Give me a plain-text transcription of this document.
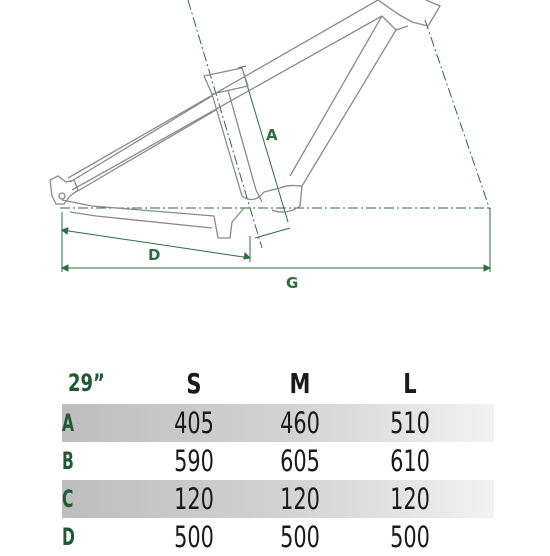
A
D
G
29”	S	M	L
A	405	460	510
B	590	605	610
C	120	120	120
D	500	500	500
